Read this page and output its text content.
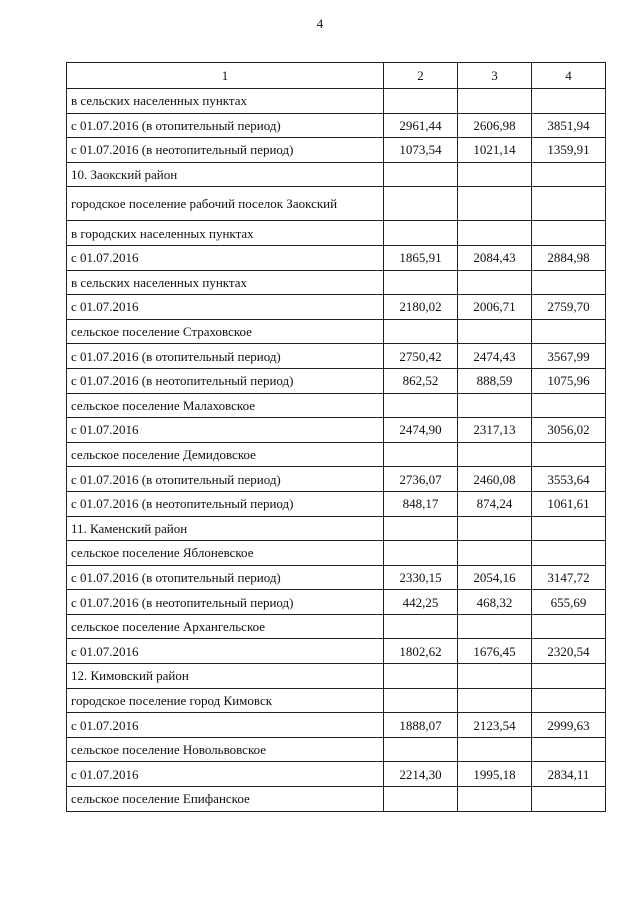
4
1	2	3	4
в сельских населенных пунктах			
с 01.07.2016 (в отопительный период)	2961,44	2606,98	3851,94
с 01.07.2016 (в неотопительный период)	1073,54	1021,14	1359,91
10. Заокский район			
городское поселение рабочий поселок Заокский			
в городских населенных пунктах			
с 01.07.2016	1865,91	2084,43	2884,98
в сельских населенных пунктах			
с 01.07.2016	2180,02	2006,71	2759,70
сельское поселение Страховское			
с 01.07.2016 (в отопительный период)	2750,42	2474,43	3567,99
с 01.07.2016 (в неотопительный период)	862,52	888,59	1075,96
сельское поселение Малаховское			
с 01.07.2016	2474,90	2317,13	3056,02
сельское поселение Демидовское			
с 01.07.2016 (в отопительный период)	2736,07	2460,08	3553,64
с 01.07.2016 (в неотопительный период)	848,17	874,24	1061,61
11. Каменский район			
сельское поселение Яблоневское			
с 01.07.2016 (в отопительный период)	2330,15	2054,16	3147,72
с 01.07.2016 (в неотопительный период)	442,25	468,32	655,69
сельское поселение Архангельское			
с 01.07.2016	1802,62	1676,45	2320,54
12. Кимовский район			
городское поселение город Кимовск			
с 01.07.2016	1888,07	2123,54	2999,63
сельское поселение Новольвовское			
с 01.07.2016	2214,30	1995,18	2834,11
сельское поселение Епифанское			
